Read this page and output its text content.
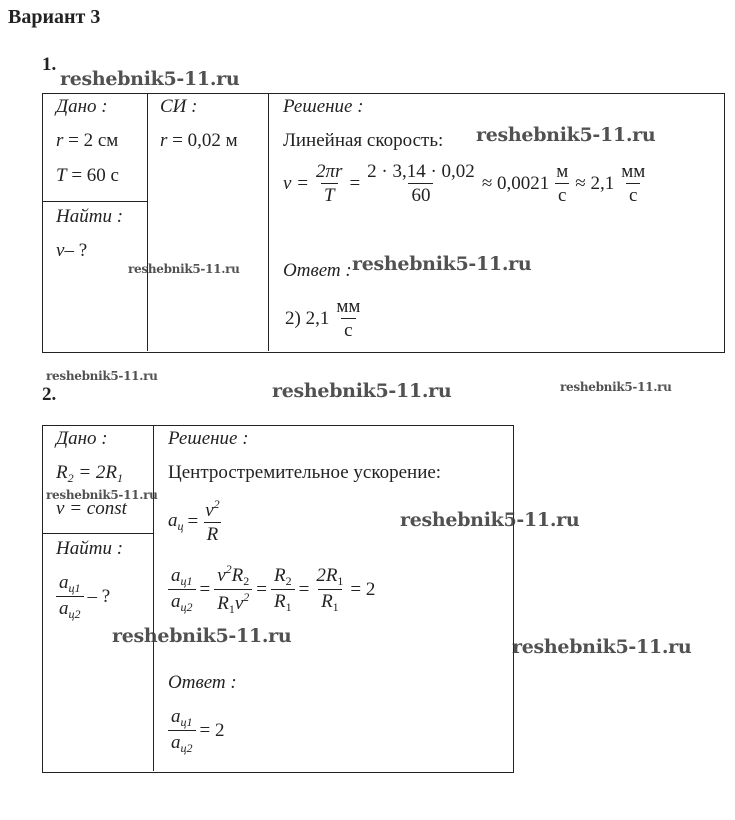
Вариант 3
1.
Дано :
r = 2 см
T = 60 с
Найти :
v– ?
СИ :
r = 0,02 м
Решение :
Линейная скорость:
$v = \frac{2\pi r}{T} = \frac{2 \cdot 3,14 \cdot 0,02}{60} \approx 0,0021 \frac{м}{с} \approx 2,1 \frac{мм}{с}$
Ответ :
2) $2,1 \frac{мм}{с}$
2.
Дано :
$R_2 = 2R_1$
v = const
Найти :
$\frac{a_{ц1}}{a_{ц2}}$ – ?
Решение :
Центростремительное ускорение:
$a_ц = \frac{v^2}{R}$
$\frac{a_{ц1}}{a_{ц2}} = \frac{v^2R_2}{R_1v^2} = \frac{R_2}{R_1} = \frac{2R_1}{R_1} = 2$
Ответ :
$\frac{a_{ц1}}{a_{ц2}} = 2$
reshebnik5-11.ru
reshebnik5-11.ru
reshebnik5-11.ru	reshebnik5-11.ru
reshebnik5-11.ru
reshebnik5-11.ru	reshebnik5-11.ru
reshebnik5-11.ru
reshebnik5-11.ru
reshebnik5-11.ru	reshebnik5-11.ru
